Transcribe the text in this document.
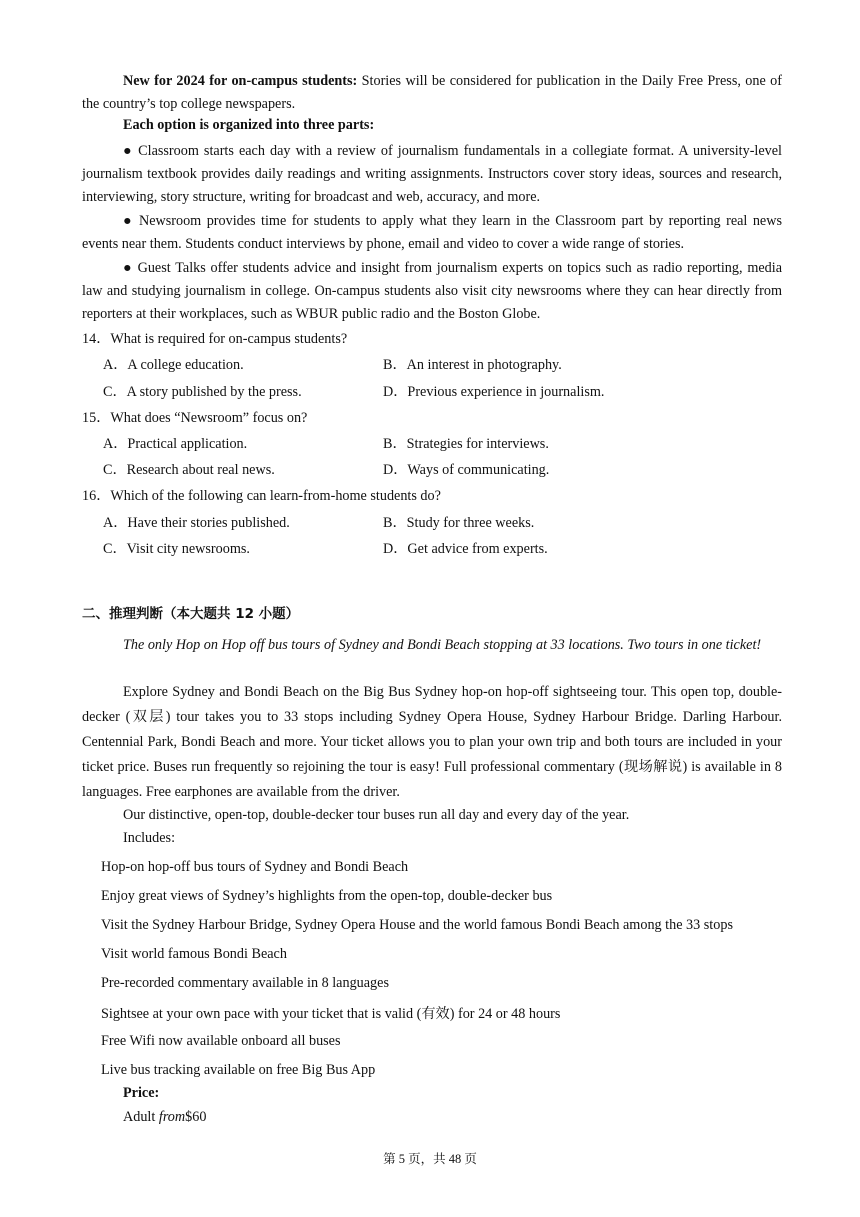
New for 2024 for on-campus students: Stories will be considered for publication in the Daily Free Press, one of the country’s top college newspapers.
Each option is organized into three parts:
● Classroom starts each day with a review of journalism fundamentals in a collegiate format. A university-level journalism textbook provides daily readings and writing assignments. Instructors cover story ideas, sources and research, interviewing, story structure, writing for broadcast and web, accuracy, and more.
● Newsroom provides time for students to apply what they learn in the Classroom part by reporting real news events near them. Students conduct interviews by phone, email and video to cover a wide range of stories.
● Guest Talks offer students advice and insight from journalism experts on topics such as radio reporting, media law and studying journalism in college. On-campus students also visit city newsrooms where they can hear directly from reporters at their workplaces, such as WBUR public radio and the Boston Globe.
14．What is required for on-campus students?
A．A college education.	B．An interest in photography.
C．A story published by the press.	D．Previous experience in journalism.
15．What does “Newsroom” focus on?
A．Practical application.	B．Strategies for interviews.
C．Research about real news.	D．Ways of communicating.
16．Which of the following can learn-from-home students do?
A．Have their stories published.	B．Study for three weeks.
C．Visit city newsrooms.	D．Get advice from experts.
二、推理判断（本大题共 12 小题）
The only Hop on Hop off bus tours of Sydney and Bondi Beach stopping at 33 locations. Two tours in one ticket!
Explore Sydney and Bondi Beach on the Big Bus Sydney hop-on hop-off sightseeing tour. This open top, double-decker (双层) tour takes you to 33 stops including Sydney Opera House, Sydney Harbour Bridge. Darling Harbour. Centennial Park, Bondi Beach and more. Your ticket allows you to plan your own trip and both tours are included in your ticket price. Buses run frequently so rejoining the tour is easy! Full professional commentary (现场解说) is available in 8 languages. Free earphones are available from the driver.
Our distinctive, open-top, double-decker tour buses run all day and every day of the year.
Includes:
Hop-on hop-off bus tours of Sydney and Bondi Beach
Enjoy great views of Sydney’s highlights from the open-top, double-decker bus
Visit the Sydney Harbour Bridge, Sydney Opera House and the world famous Bondi Beach among the 33 stops
Visit world famous Bondi Beach
Pre-recorded commentary available in 8 languages
Sightsee at your own pace with your ticket that is valid (有效) for 24 or 48 hours
Free Wifi now available onboard all buses
Live bus tracking available on free Big Bus App
Price:
Adult from$60
第 5 页，共 48 页
